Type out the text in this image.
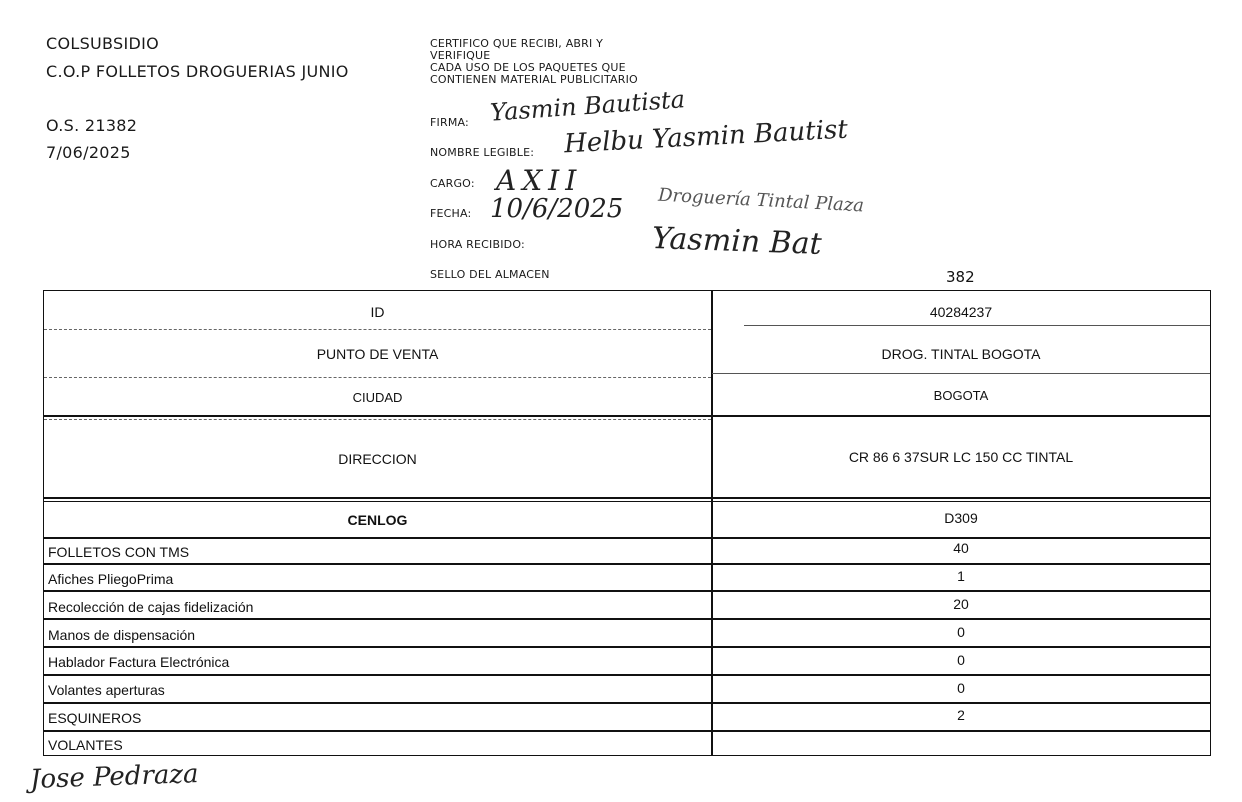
COLSUBSIDIO
C.O.P FOLLETOS DROGUERIAS JUNIO
O.S. 21382
7/06/2025
CERTIFICO QUE RECIBI, ABRI Y
VERIFIQUE
CADA USO DE LOS PAQUETES QUE
CONTIENEN MATERIAL PUBLICITARIO
FIRMA:
NOMBRE LEGIBLE:
CARGO:
FECHA:
HORA RECIBIDO:
SELLO DEL ALMACEN
Yasmin Bautista
Helbu Yasmin Bautist
AXII
10/6/2025 Droguería Tintal Plaza
Yasmin Bat
382
ID	40284237
PUNTO DE VENTA	DROG. TINTAL BOGOTA
CIUDAD	BOGOTA
DIRECCION	CR 86 6 37SUR LC 150 CC TINTAL
CENLOG	D309
FOLLETOS CON TMS	40
Afiches PliegoPrima	1
Recolección de cajas fidelización	20
Manos de dispensación	0
Hablador Factura Electrónica	0
Volantes aperturas	0
ESQUINEROS	2
VOLANTES
Jose Pedraza
